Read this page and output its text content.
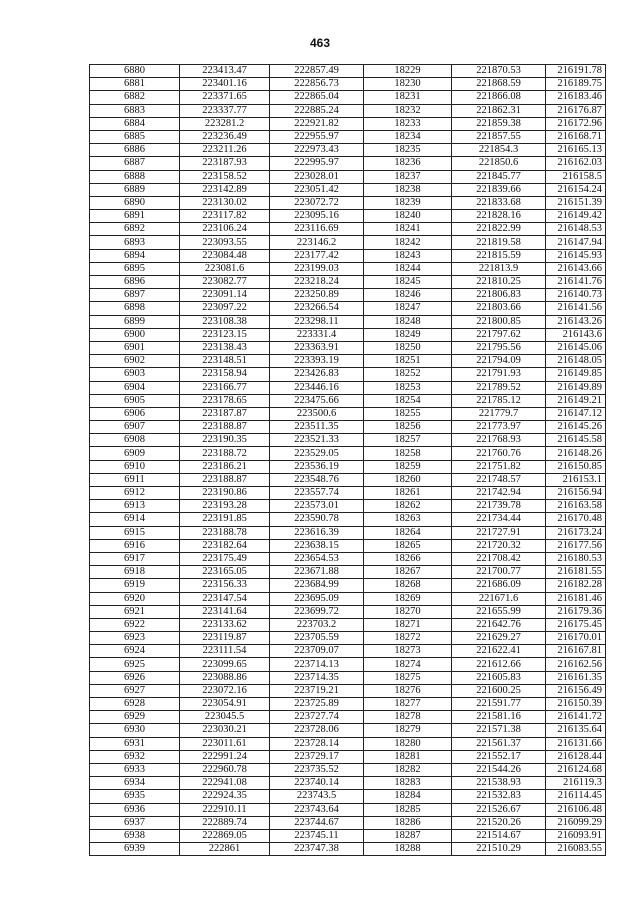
463
6880	223413.47	222857.49	18229	221870.53	216191.78
6881	223401.16	222856.73	18230	221868.59	216189.75
6882	223371.65	222865.04	18231	221866.08	216183.46
6883	223337.77	222885.24	18232	221862.31	216176.87
6884	223281.2	222921.82	18233	221859.38	216172.96
6885	223236.49	222955.97	18234	221857.55	216168.71
6886	223211.26	222973.43	18235	221854.3	216165.13
6887	223187.93	222995.97	18236	221850.6	216162.03
6888	223158.52	223028.01	18237	221845.77	216158.5
6889	223142.89	223051.42	18238	221839.66	216154.24
6890	223130.02	223072.72	18239	221833.68	216151.39
6891	223117.82	223095.16	18240	221828.16	216149.42
6892	223106.24	223116.69	18241	221822.99	216148.53
6893	223093.55	223146.2	18242	221819.58	216147.94
6894	223084.48	223177.42	18243	221815.59	216145.93
6895	223081.6	223199.03	18244	221813.9	216143.66
6896	223082.77	223218.24	18245	221810.25	216141.76
6897	223091.14	223250.89	18246	221806.83	216140.73
6898	223097.22	223266.54	18247	221803.66	216141.56
6899	223108.38	223298.11	18248	221800.85	216143.26
6900	223123.15	223331.4	18249	221797.62	216143.6
6901	223138.43	223363.91	18250	221795.56	216145.06
6902	223148.51	223393.19	18251	221794.09	216148.05
6903	223158.94	223426.83	18252	221791.93	216149.85
6904	223166.77	223446.16	18253	221789.52	216149.89
6905	223178.65	223475.66	18254	221785.12	216149.21
6906	223187.87	223500.6	18255	221779.7	216147.12
6907	223188.87	223511.35	18256	221773.97	216145.26
6908	223190.35	223521.33	18257	221768.93	216145.58
6909	223188.72	223529.05	18258	221760.76	216148.26
6910	223186.21	223536.19	18259	221751.82	216150.85
6911	223188.87	223548.76	18260	221748.57	216153.1
6912	223190.86	223557.74	18261	221742.94	216156.94
6913	223193.28	223573.01	18262	221739.78	216163.58
6914	223191.85	223590.78	18263	221734.44	216170.48
6915	223188.78	223616.39	18264	221727.91	216173.24
6916	223182.64	223638.15	18265	221720.32	216177.56
6917	223175.49	223654.53	18266	221708.42	216180.53
6918	223165.05	223671.88	18267	221700.77	216181.55
6919	223156.33	223684.99	18268	221686.09	216182.28
6920	223147.54	223695.09	18269	221671.6	216181.46
6921	223141.64	223699.72	18270	221655.99	216179.36
6922	223133.62	223703.2	18271	221642.76	216175.45
6923	223119.87	223705.59	18272	221629.27	216170.01
6924	223111.54	223709.07	18273	221622.41	216167.81
6925	223099.65	223714.13	18274	221612.66	216162.56
6926	223088.86	223714.35	18275	221605.83	216161.35
6927	223072.16	223719.21	18276	221600.25	216156.49
6928	223054.91	223725.89	18277	221591.77	216150.39
6929	223045.5	223727.74	18278	221581.16	216141.72
6930	223030.21	223728.06	18279	221571.38	216135.64
6931	223011.61	223728.14	18280	221561.37	216131.66
6932	222991.24	223729.17	18281	221552.17	216128.44
6933	222960.78	223735.52	18282	221544.26	216124.68
6934	222941.08	223740.14	18283	221538.93	216119.3
6935	222924.35	223743.5	18284	221532.83	216114.45
6936	222910.11	223743.64	18285	221526.67	216106.48
6937	222889.74	223744.67	18286	221520.26	216099.29
6938	222869.05	223745.11	18287	221514.67	216093.91
6939	222861	223747.38	18288	221510.29	216083.55
